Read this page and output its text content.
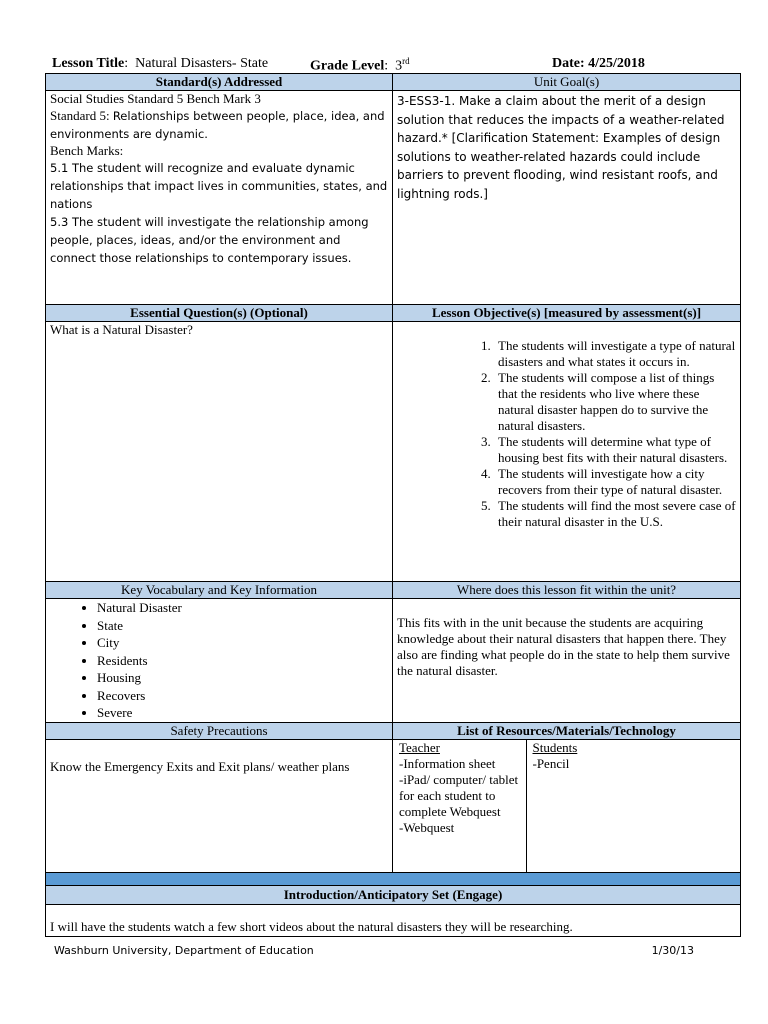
Lesson Title:  Natural Disasters- State	Grade Level:  3rd	Date: 4/25/2018
Standard(s) Addressed	Unit Goal(s)

Social Studies Standard 5 Bench Mark 3
Standard 5: Relationships between people, place, idea, and environments are dynamic.
Bench Marks:
5.1 The student will recognize and evaluate dynamic relationships that impact lives in communities, states, and nations
5.3 The student will investigate the relationship among people, places, ideas, and/or the environment and connect those relationships to contemporary issues.

3-ESS3-1. Make a claim about the merit of a design solution that reduces the impacts of a weather-related hazard.* [Clarification Statement: Examples of design solutions to weather-related hazards could include barriers to prevent flooding, wind resistant roofs, and lightning rods.]

Essential Question(s) (Optional)	Lesson Objective(s) [measured by assessment(s)]

What is a Natural Disaster?

1. The students will investigate a type of natural disasters and what states it occurs in.
2. The students will compose a list of things that the residents who live where these natural disaster happen do to survive the natural disasters.
3. The students will determine what type of housing best fits with their natural disasters.
4. The students will investigate how a city recovers from their type of natural disaster.
5. The students will find the most severe case of their natural disaster in the U.S.

Key Vocabulary and Key Information	Where does this lesson fit within the unit?

• Natural Disaster
• State
• City
• Residents
• Housing
• Recovers
• Severe

This fits with in the unit because the students are acquiring knowledge about their natural disasters that happen there. They also are finding what people do in the state to help them survive the natural disaster.

Safety Precautions	List of Resources/Materials/Technology

Know the Emergency Exits and Exit plans/ weather plans

Teacher
-Information sheet
-iPad/ computer/ tablet for each student to complete Webquest
-Webquest

Students
-Pencil

Introduction/Anticipatory Set (Engage)

I will have the students watch a few short videos about the natural disasters they will be researching.
Washburn University, Department of Education	1/30/13
